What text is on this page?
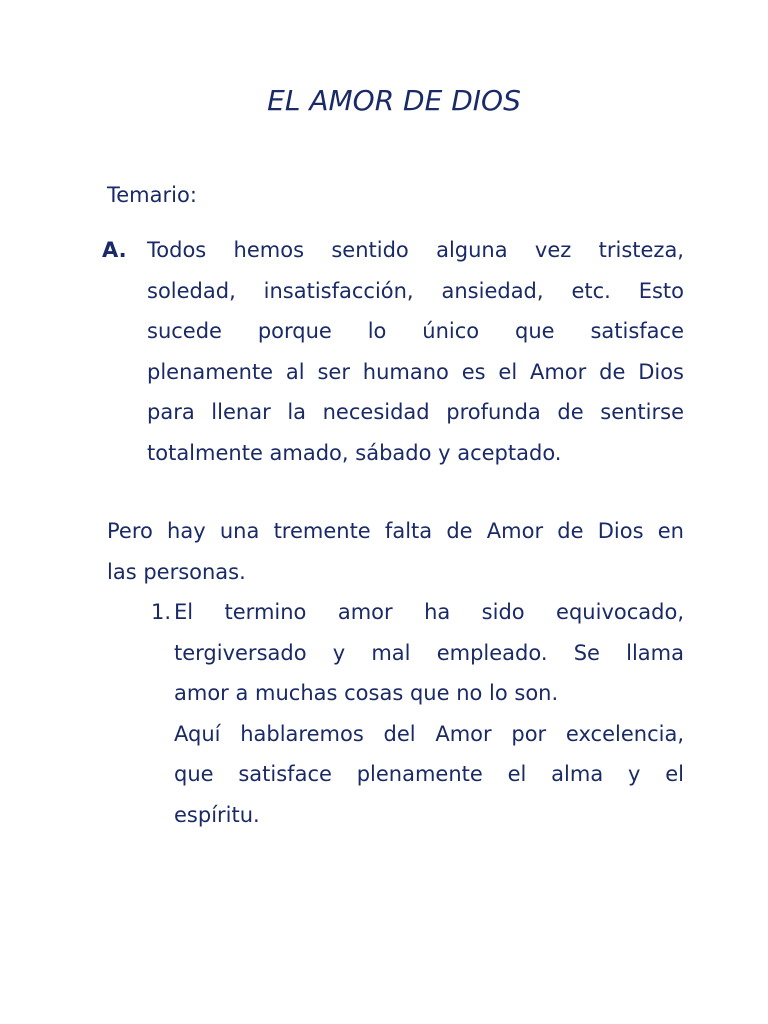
EL AMOR DE DIOS

Temario:

A. Todos hemos sentido alguna vez tristeza,
soledad, insatisfacción, ansiedad, etc. Esto
sucede porque lo único que satisface
plenamente al ser humano es el Amor de Dios
para llenar la necesidad profunda de sentirse
totalmente amado, sábado y aceptado.

Pero hay una tremente falta de Amor de Dios en
las personas.

1. El termino amor ha sido equivocado,
tergiversado y mal empleado. Se llama
amor a muchas cosas que no lo son.

Aquí hablaremos del Amor por excelencia,
que satisface plenamente el alma y el
espíritu.
